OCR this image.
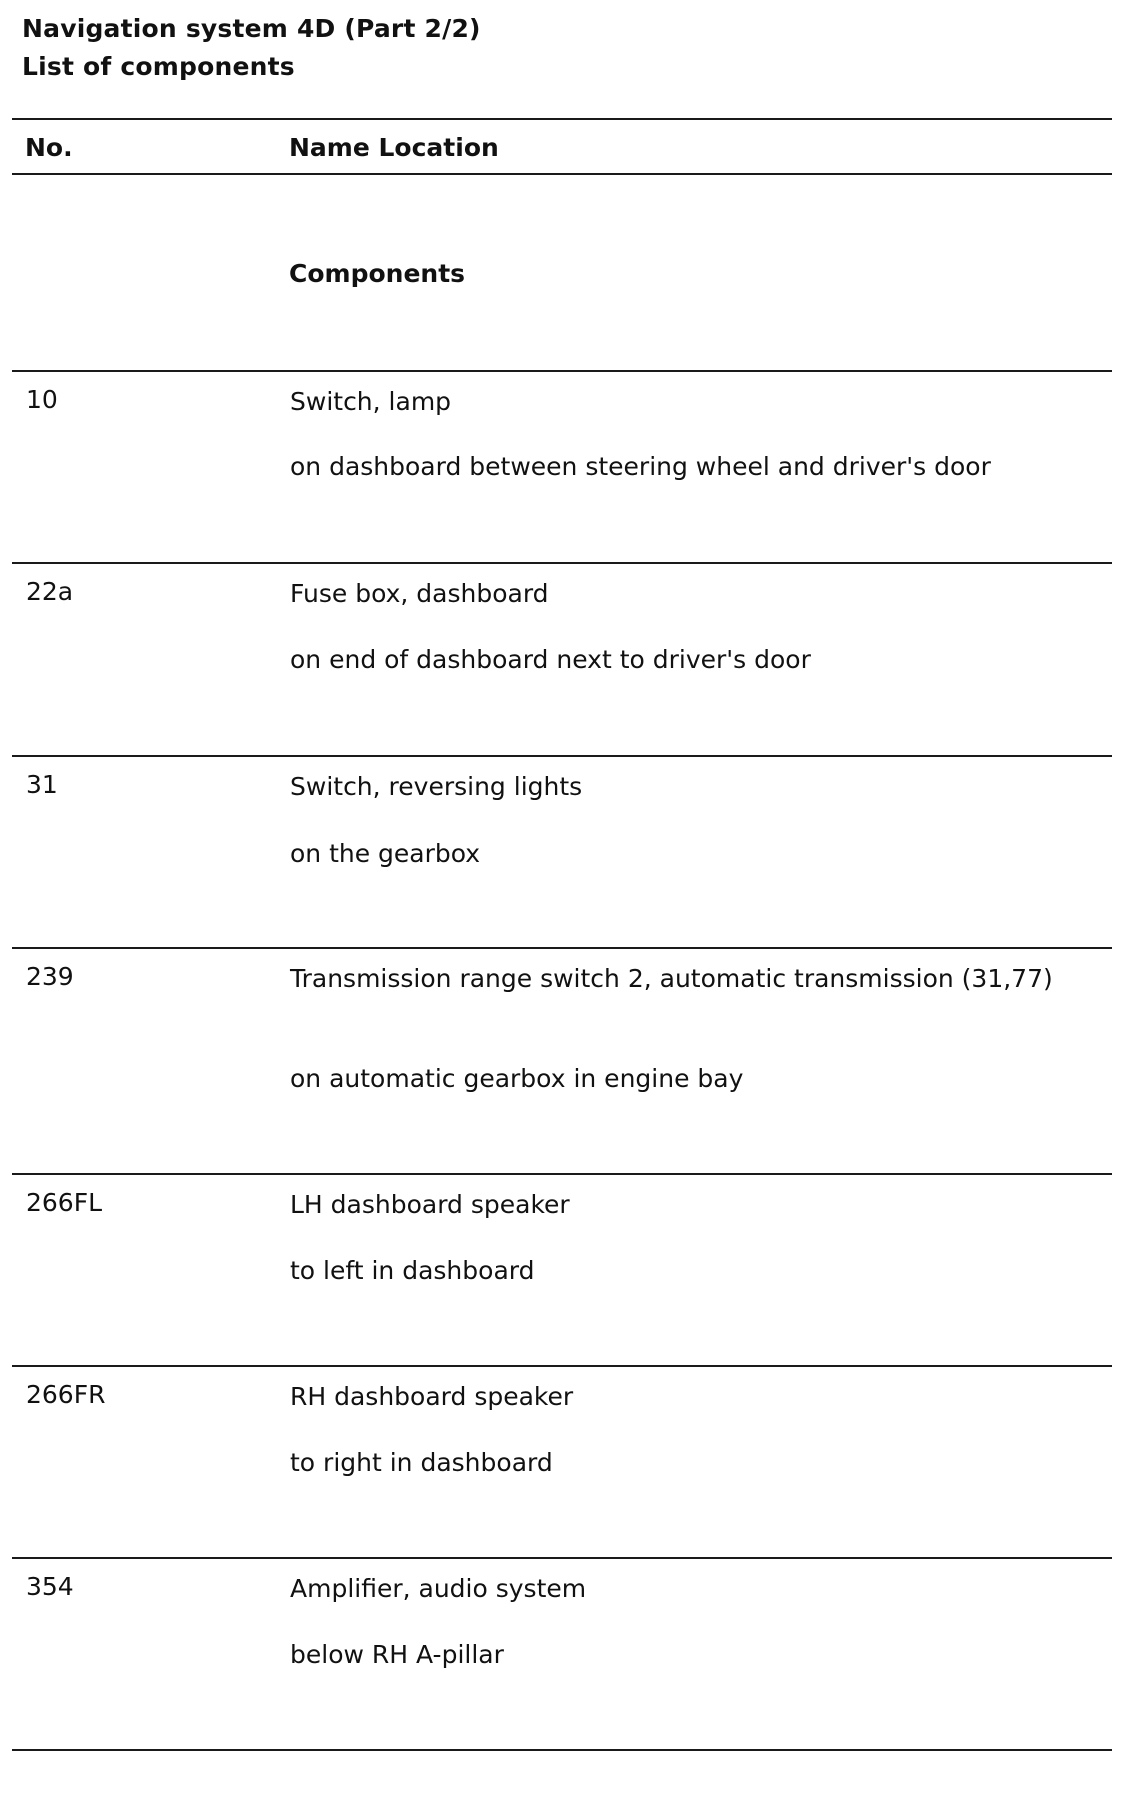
Navigation system 4D (Part 2/2)
List of components
No.	Name Location
Components
10	Switch, lamp
on dashboard between steering wheel and driver's door
22a	Fuse box, dashboard
on end of dashboard next to driver's door
31	Switch, reversing lights
on the gearbox
239	Transmission range switch 2, automatic transmission (31,77)
on automatic gearbox in engine bay
266FL	LH dashboard speaker
to left in dashboard
266FR	RH dashboard speaker
to right in dashboard
354	Amplifier, audio system
below RH A-pillar
